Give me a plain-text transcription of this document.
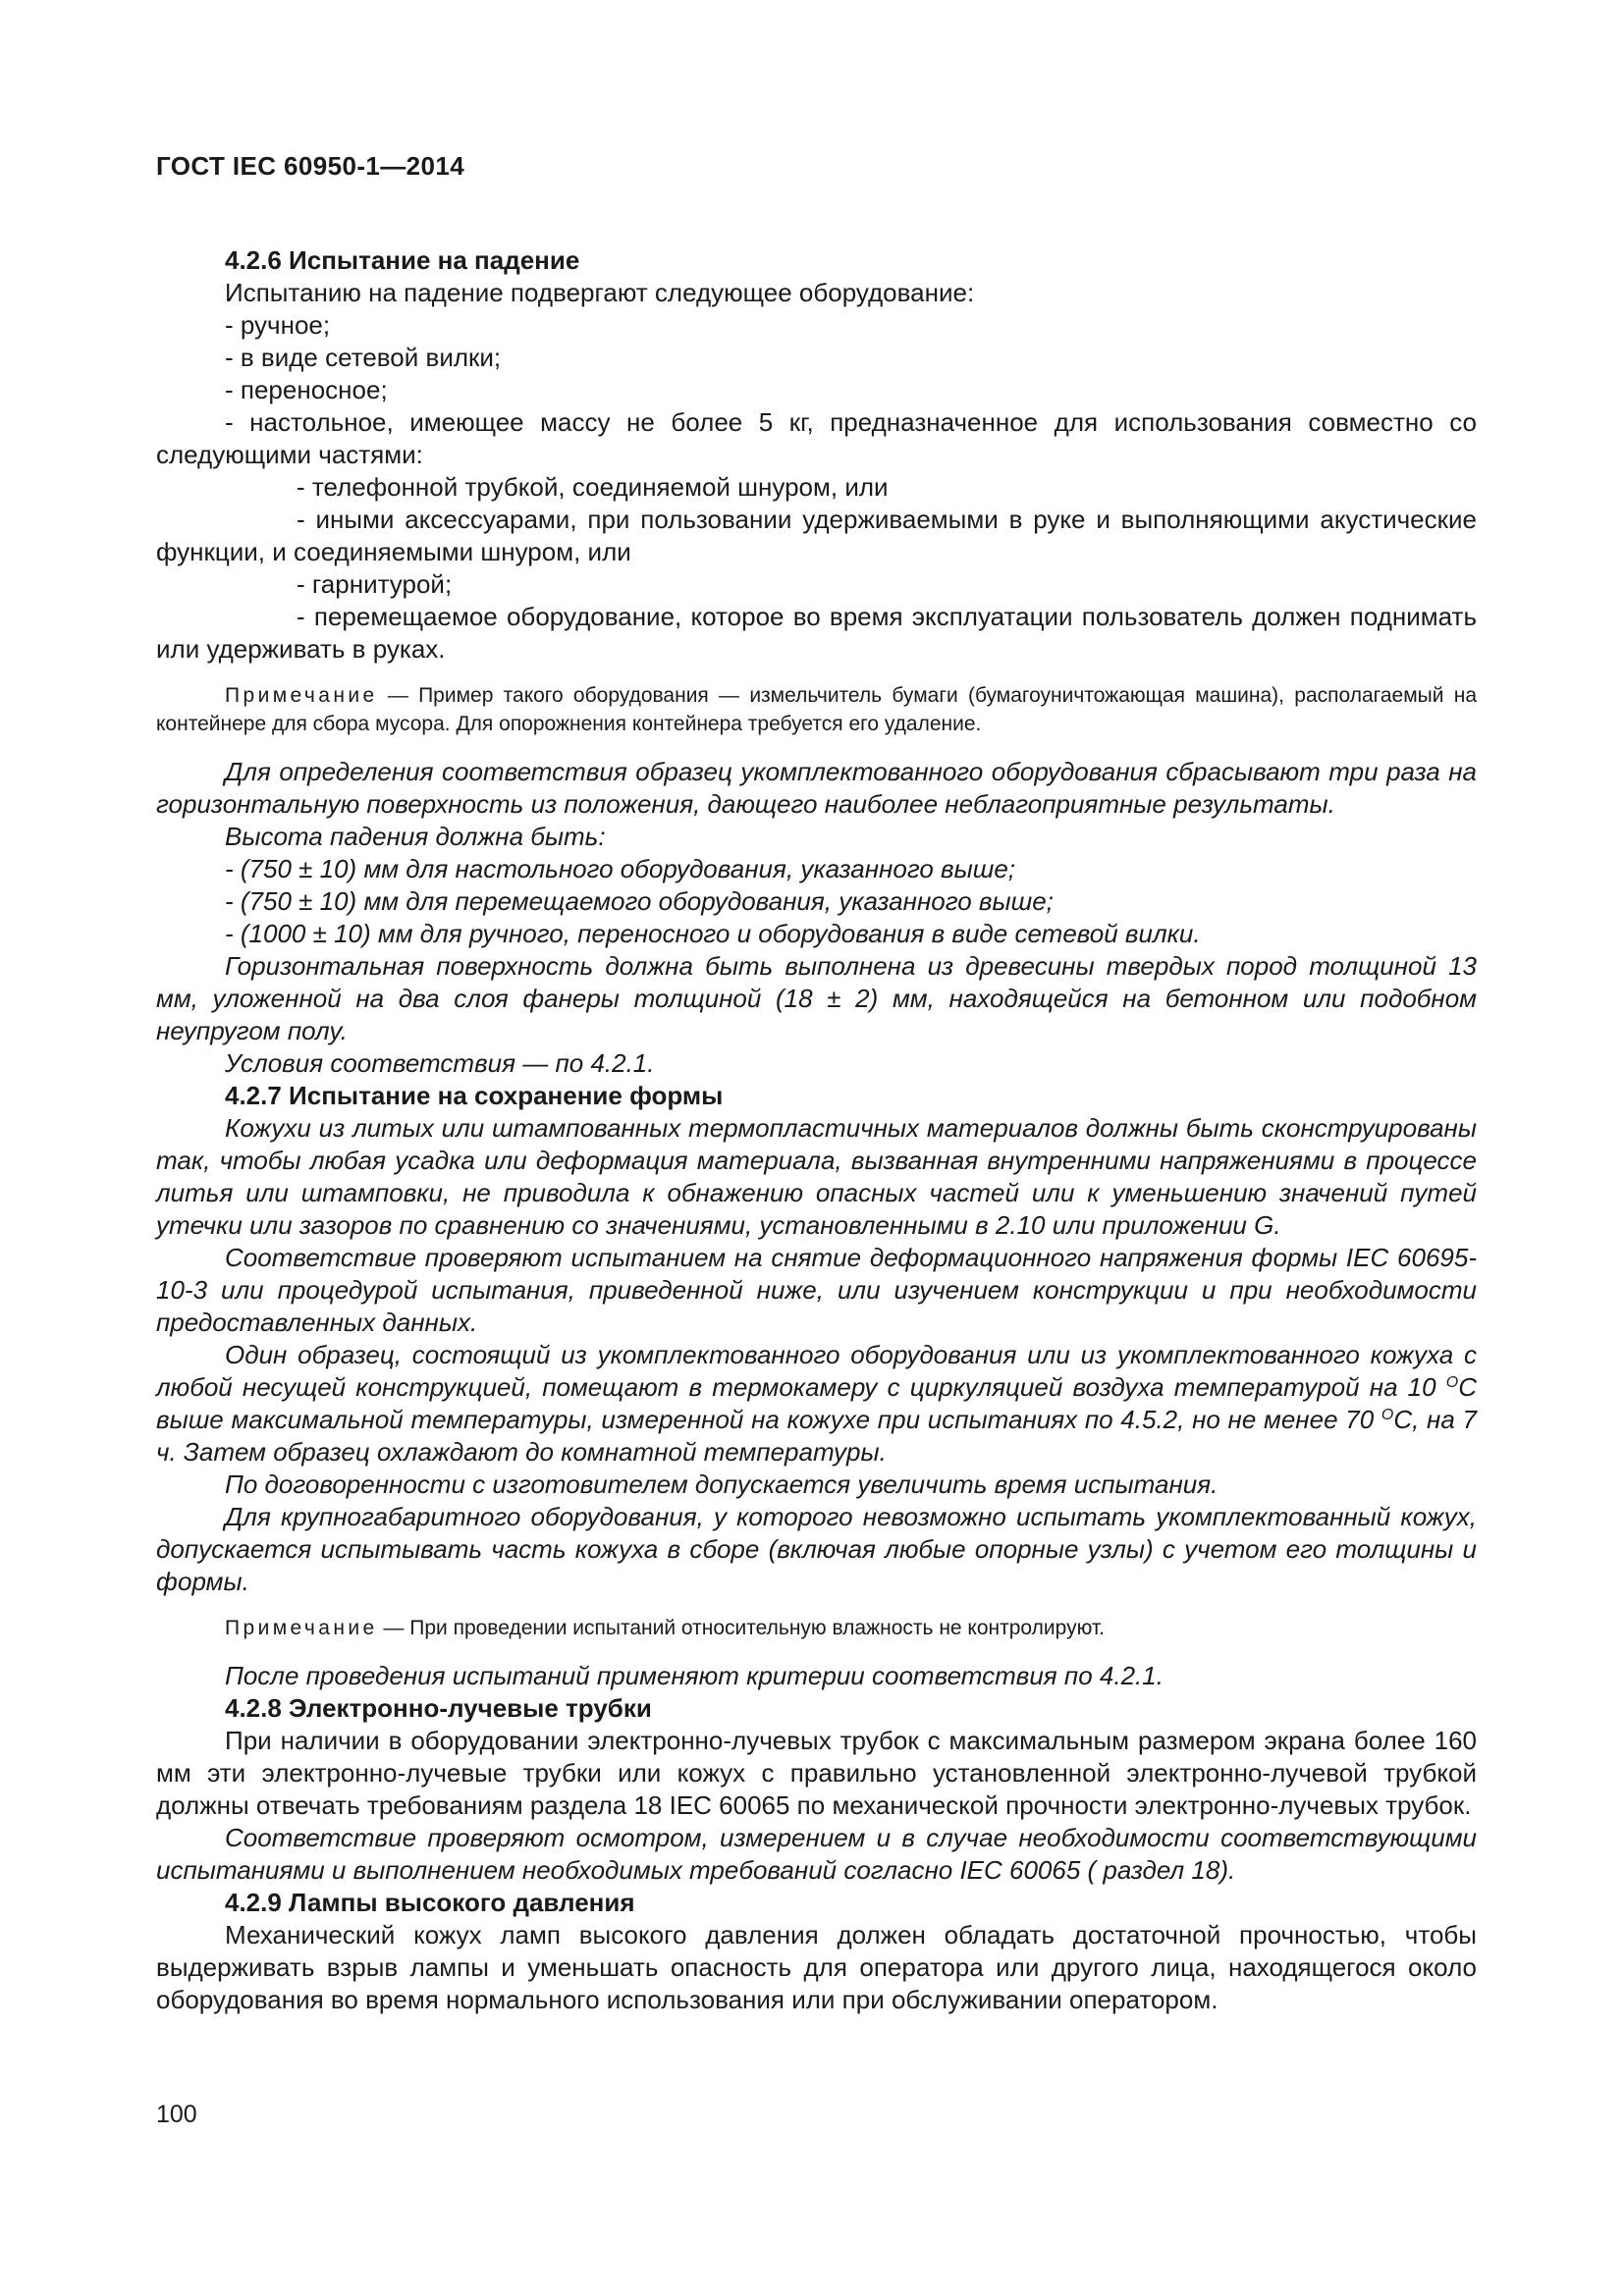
ГОСТ IEC 60950-1—2014

4.2.6 Испытание на падение

Испытанию на падение подвергают следующее оборудование:

- ручное;

- в виде сетевой вилки;

- переносное;

- настольное, имеющее массу не более 5 кг, предназначенное для использования совместно со следующими частями:

- телефонной трубкой, соединяемой шнуром, или

- иными аксессуарами, при пользовании удерживаемыми в руке и выполняющими акустические функции, и соединяемыми шнуром, или

- гарнитурой;

- перемещаемое оборудование, которое во время эксплуатации пользователь должен поднимать или удерживать в руках.

Примечание — Пример такого оборудования — измельчитель бумаги (бумагоуничтожающая машина), располагаемый на контейнере для сбора мусора. Для опорожнения контейнера требуется его удаление.

Для определения соответствия образец укомплектованного оборудования сбрасывают три раза на горизонтальную поверхность из положения, дающего наиболее неблагоприятные результаты.

Высота падения должна быть:

- (750 ± 10) мм для настольного оборудования, указанного выше;

- (750 ± 10) мм для перемещаемого оборудования, указанного выше;

- (1000 ± 10) мм для ручного, переносного и оборудования в виде сетевой вилки.

Горизонтальная поверхность должна быть выполнена из древесины твердых пород толщиной 13 мм, уложенной на два слоя фанеры толщиной (18 ± 2) мм, находящейся на бетонном или подобном неупругом полу.

Условия соответствия — по 4.2.1.

4.2.7 Испытание на сохранение формы

Кожухи из литых или штампованных термопластичных материалов должны быть сконструированы так, чтобы любая усадка или деформация материала, вызванная внутренними напряжениями в процессе литья или штамповки, не приводила к обнажению опасных частей или к уменьшению значений путей утечки или зазоров по сравнению со значениями, установленными в 2.10 или приложении G.

Соответствие проверяют испытанием на снятие деформационного напряжения формы IEC 60695-10-3 или процедурой испытания, приведенной ниже, или изучением конструкции и при необходимости предоставленных данных.

Один образец, состоящий из укомплектованного оборудования или из укомплектованного кожуха с любой несущей конструкцией, помещают в термокамеру с циркуляцией воздуха температурой на 10 $^O$C выше максимальной температуры, измеренной на кожухе при испытаниях по 4.5.2, но не менее 70 $^O$C, на 7 ч. Затем образец охлаждают до комнатной температуры.

По договоренности с изготовителем допускается увеличить время испытания.

Для крупногабаритного оборудования, у которого невозможно испытать укомплектованный кожух, допускается испытывать часть кожуха в сборе (включая любые опорные узлы) с учетом его толщины и формы.

Примечание — При проведении испытаний относительную влажность не контролируют.

После проведения испытаний применяют критерии соответствия по 4.2.1.

4.2.8 Электронно-лучевые трубки

При наличии в оборудовании электронно-лучевых трубок с максимальным размером экрана более 160 мм эти электронно-лучевые трубки или кожух с правильно установленной электронно-лучевой трубкой должны отвечать требованиям раздела 18 IEC 60065 по механической прочности электронно-лучевых трубок.

Соответствие проверяют осмотром, измерением и в случае необходимости соответствующими испытаниями и выполнением необходимых требований согласно IEC 60065 ( раздел 18).

4.2.9 Лампы высокого давления

Механический кожух ламп высокого давления должен обладать достаточной прочностью, чтобы выдерживать взрыв лампы и уменьшать опасность для оператора или другого лица, находящегося около оборудования во время нормального использования или при обслуживании оператором.

100
